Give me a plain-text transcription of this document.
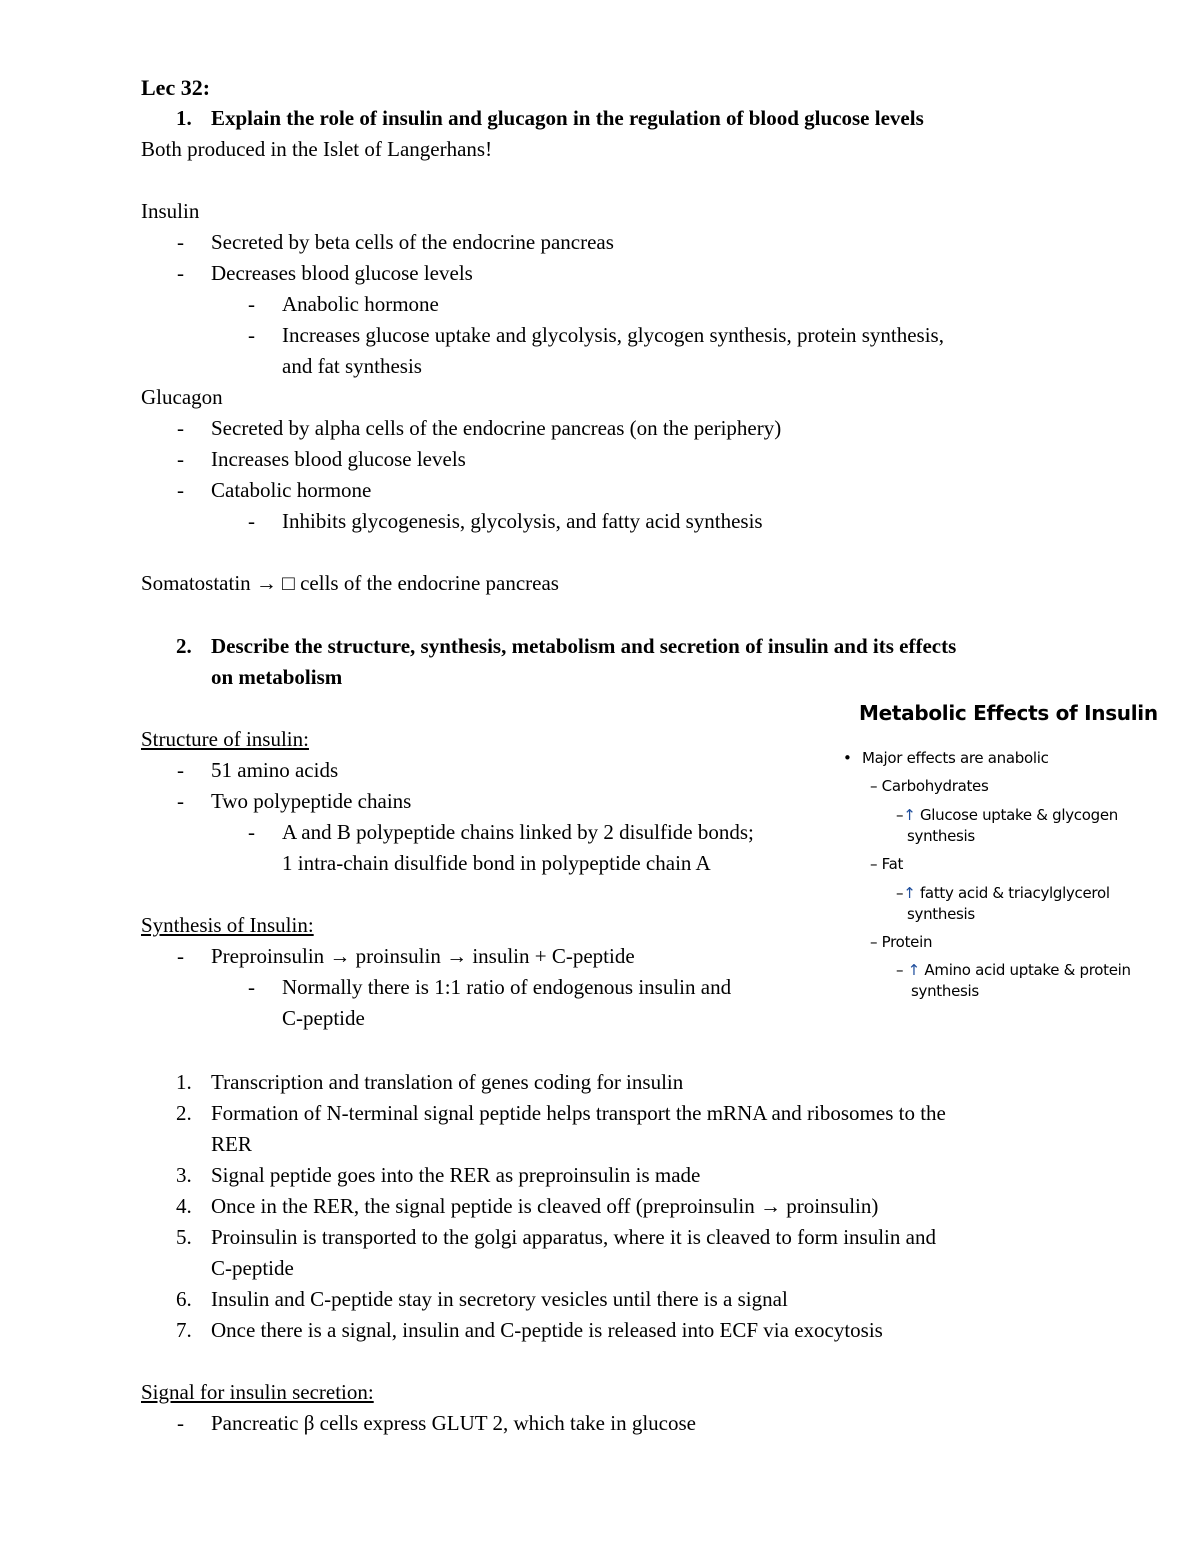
Lec 32:
1. Explain the role of insulin and glucagon in the regulation of blood glucose levels
Both produced in the Islet of Langerhans!
Insulin
- Secreted by beta cells of the endocrine pancreas
- Decreases blood glucose levels
- Anabolic hormone
- Increases glucose uptake and glycolysis, glycogen synthesis, protein synthesis,
and fat synthesis
Glucagon
- Secreted by alpha cells of the endocrine pancreas (on the periphery)
- Increases blood glucose levels
- Catabolic hormone
- Inhibits glycogenesis, glycolysis, and fatty acid synthesis
Somatostatin → □ cells of the endocrine pancreas
2. Describe the structure, synthesis, metabolism and secretion of insulin and its effects
on metabolism
Structure of insulin:
- 51 amino acids
- Two polypeptide chains
- A and B polypeptide chains linked by 2 disulfide bonds;
1 intra-chain disulfide bond in polypeptide chain A
Synthesis of Insulin:
- Preproinsulin → proinsulin → insulin + C-peptide
- Normally there is 1:1 ratio of endogenous insulin and
C-peptide
1. Transcription and translation of genes coding for insulin
2. Formation of N-terminal signal peptide helps transport the mRNA and ribosomes to the
RER
3. Signal peptide goes into the RER as preproinsulin is made
4. Once in the RER, the signal peptide is cleaved off (preproinsulin → proinsulin)
5. Proinsulin is transported to the golgi apparatus, where it is cleaved to form insulin and
C-peptide
6. Insulin and C-peptide stay in secretory vesicles until there is a signal
7. Once there is a signal, insulin and C-peptide is released into ECF via exocytosis
Signal for insulin secretion:
- Pancreatic β cells express GLUT 2, which take in glucose
Metabolic Effects of Insulin
• Major effects are anabolic
– Carbohydrates
–↑ Glucose uptake & glycogen
synthesis
– Fat
–↑ fatty acid & triacylglycerol
synthesis
– Protein
– ↑ Amino acid uptake & protein
synthesis
